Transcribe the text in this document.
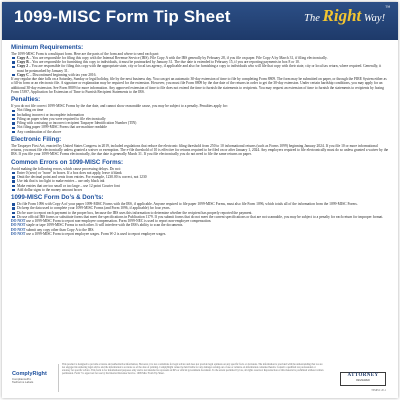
1099-MISC Form Tip Sheet	The Right Way!™
Minimum Requirements:
The 1099-MISC Form is a multipart form. Here are the parts of the form and where to send each part:
Copy A – You are responsible for filing this copy with the Internal Revenue Service (IRS). File Copy A with the IRS generally by February 28, if you file on paper. File Copy A by March 31, if filing electronically.
Copy B – You are responsible for furnishing this copy to individuals, it must be postmarked by January 31. The due date is extended to February 15, if you are reporting payments in box 8 or 10.
Copy 2 – You are responsible for filing this copy with the appropriate state, city or local tax agency, if applicable and also for furnishing a copy to individuals who will file that copy with their state, city or local tax return, where required. Generally, it must be postmarked by January 31.
Copy C – Discontinued beginning with tax year 2016.
If any regular due date falls on a Saturday, Sunday or legal holiday, file by the next business day. You can get an automatic 30-day extension of time to file by completing Form 8809. The form may be submitted on paper, or through the FIRE System either as a fill-in form or an electronic file. A signature or explanation may be required for the extension. However, you must file Form 8809 by the due date of the returns in order to get the 30-day extension. Under certain hardship conditions, you may apply for an additional 30-day extension. See Form 8809 for more information. Any approved extension of time to file does not extend the time to furnish the statements to recipients. You may request an extension of time to furnish the statements to recipients by faxing Form 15397, Application for Extension of Time to Furnish Recipient Statements to the IRS.
Penalties:
If you do not file correct 1099-MISC Forms by the due date, and cannot show reasonable cause, you may be subject to a penalty. Penalties apply for:
Not filing on time
Including incorrect or incomplete information
Filing on paper when you were required to file electronically
Filing with a missing or incorrect recipient Taxpayer Identification Number (TIN)
Not filing paper 1099-MISC Forms that are machine readable
Any combination of the above
Electronic Filing:
The Taxpayer First Act, enacted by United States Congress in 2019, included regulations that reduce the electronic filing threshold from 250 to 10 informational returns (such as Forms 1099) beginning January 2024. If you file 10 or more informational returns, you must file electronically unless granted a waiver or exemption. The e-file threshold of 10 is effective for returns required to be filed on or after January 1, 2024. Any employers required to file electronically must do so unless granted a waiver by the IRS. If you file your 1099-MISC Forms electronically, the due date is generally March 31. If you file electronically you do not need to file the same returns on paper.
Common Errors on 1099-MISC Forms:
Avoid making the following errors, which cause processing delays. Do not:
Enter 0 (zero) or "none" in boxes. If a box does not apply, leave it blank
Omit the decimal point and cents from entries. For example, 1230.00 is correct, not 1230
Use ink that is too light to make entries – use only black ink
Make entries that are too small or too large – use 12 point Courier font
Add dollar signs to the money amount boxes
1099-MISC Form Do’s & Don’ts:
Do file Form 1096 with Copy A of your paper 1099-MISC Forms with the IRS, if applicable. Anyone required to file paper 1099-MISC Forms, must also file Form 1096, which totals all of the information from the 1099-MISC Forms.
Do keep the data used to complete your 1099-MISC Forms (and Form 1096, if applicable) for four years.
Do be sure to report each payment to the proper box, because the IRS uses this information to determine whether the recipient has properly reported the payment.
Do use official IRS forms or substitute forms that meet the specifications in Publication 1179. If you submit forms that do not meet the current specifications or that are not scannable, you may be subject to a penalty for each return for improper format.
DO NOT use a 1099-MISC Form to report non-employee compensation. Form 1099-NEC is used to report non-employee compensation.
DO NOT staple or tape 1099-MISC Forms to each other. It will interfere with the IRS's ability to scan the documents.
DO NOT submit any copy other than Copy A to the IRS.
DO NOT use a 1099-MISC Form to report employee wages. Form W-2 is used to report employee wages.
ComplyRight
CompliancePro
TaxForms Labels
This product is designed to provide accurate and authoritative information. However, it is not a substitute for legal advice and does not provide legal opinions on any specific facts or decisions. The information is provided with the understanding that we are not engaged in rendering legal advice and the information is accurate as of the date of printing. ComplyRight cannot be held liable for any damages arising out of use or reliance on information contained herein. Consult a qualified tax professional or attorney for specific advice. This form is for informational purposes only and is not intended to represent an IRS or official government document. To the extent permitted by law, all rights reserved. Reproduction of this material is prohibited without written permission. Form 7 is approved for use by the Internal Revenue Service. 1099 Misc Form Tip Sheet.	ATTORNEY
REVIEWED
TSMISC 20-1
